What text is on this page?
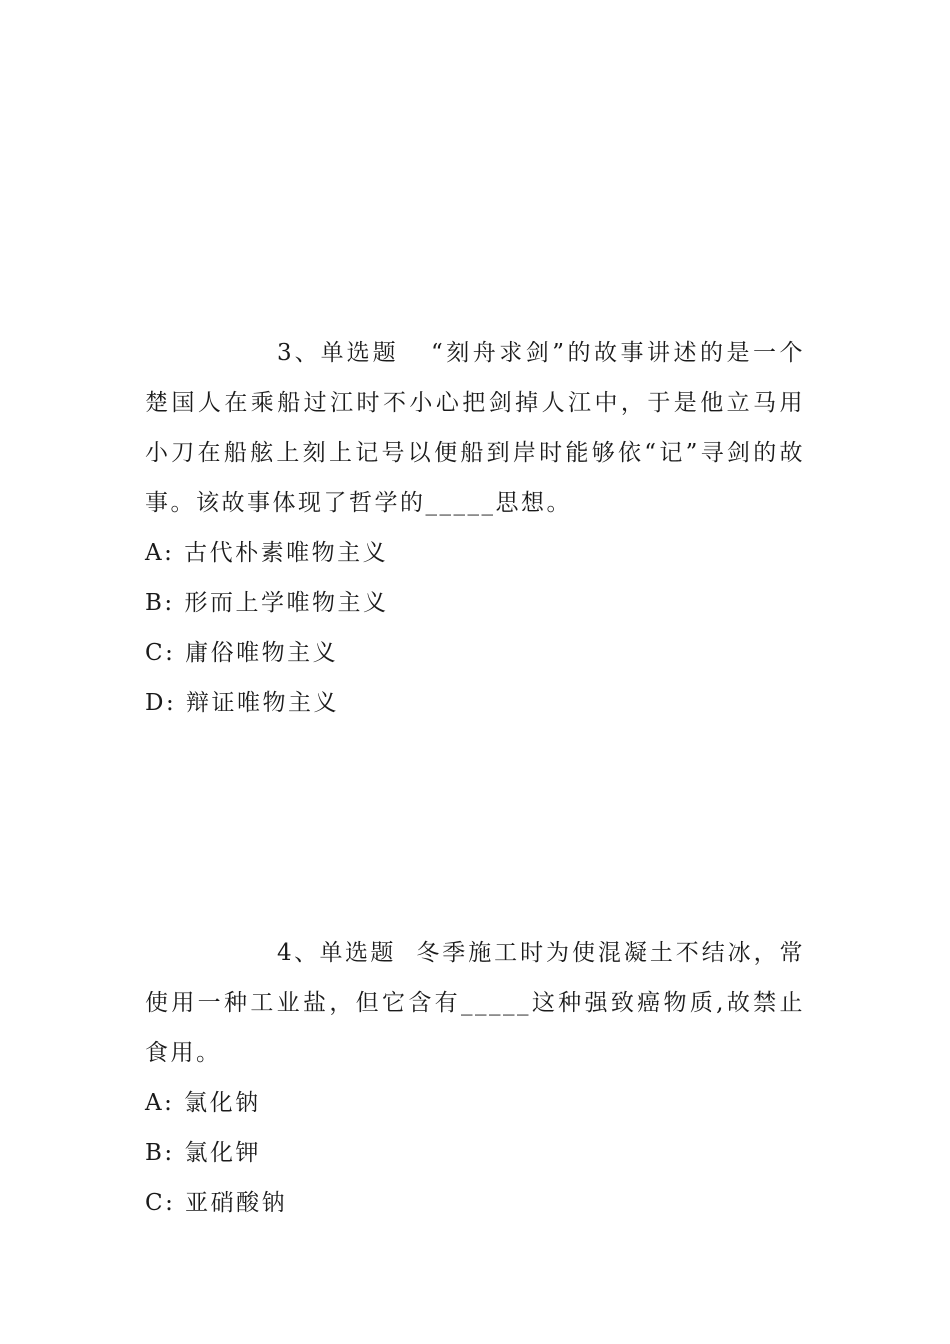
3、单选题 “刻舟求剑”的故事讲述的是一个楚国人在乘船过江时不小心把剑掉人江中，于是他立马用小刀在船舷上刻上记号以便船到岸时能够依“记”寻剑的故事。该故事体现了哲学的_____思想。

A: 古代朴素唯物主义
B: 形而上学唯物主义
C: 庸俗唯物主义
D: 辩证唯物主义

4、单选题 冬季施工时为使混凝土不结冰，常使用一种工业盐，但它含有_____这种强致癌物质,故禁止食用。

A: 氯化钠
B: 氯化钾
C: 亚硝酸钠
